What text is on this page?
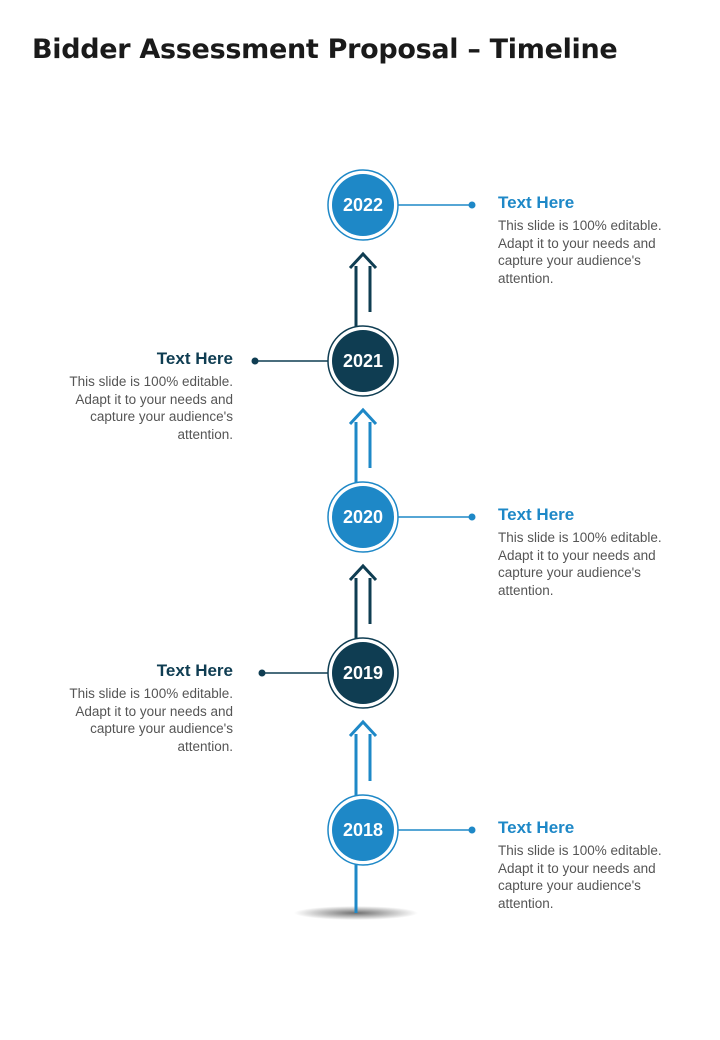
Bidder Assessment Proposal – Timeline
2022
2021
2020
2019
2018
Text Here
This slide is 100% editable. Adapt it to your needs and capture your audience's attention.
Text Here
This slide is 100% editable. Adapt it to your needs and capture your audience's attention.
Text Here
This slide is 100% editable. Adapt it to your needs and capture your audience's attention.
Text Here
This slide is 100% editable. Adapt it to your needs and capture your audience's attention.
Text Here
This slide is 100% editable. Adapt it to your needs and capture your audience's attention.
